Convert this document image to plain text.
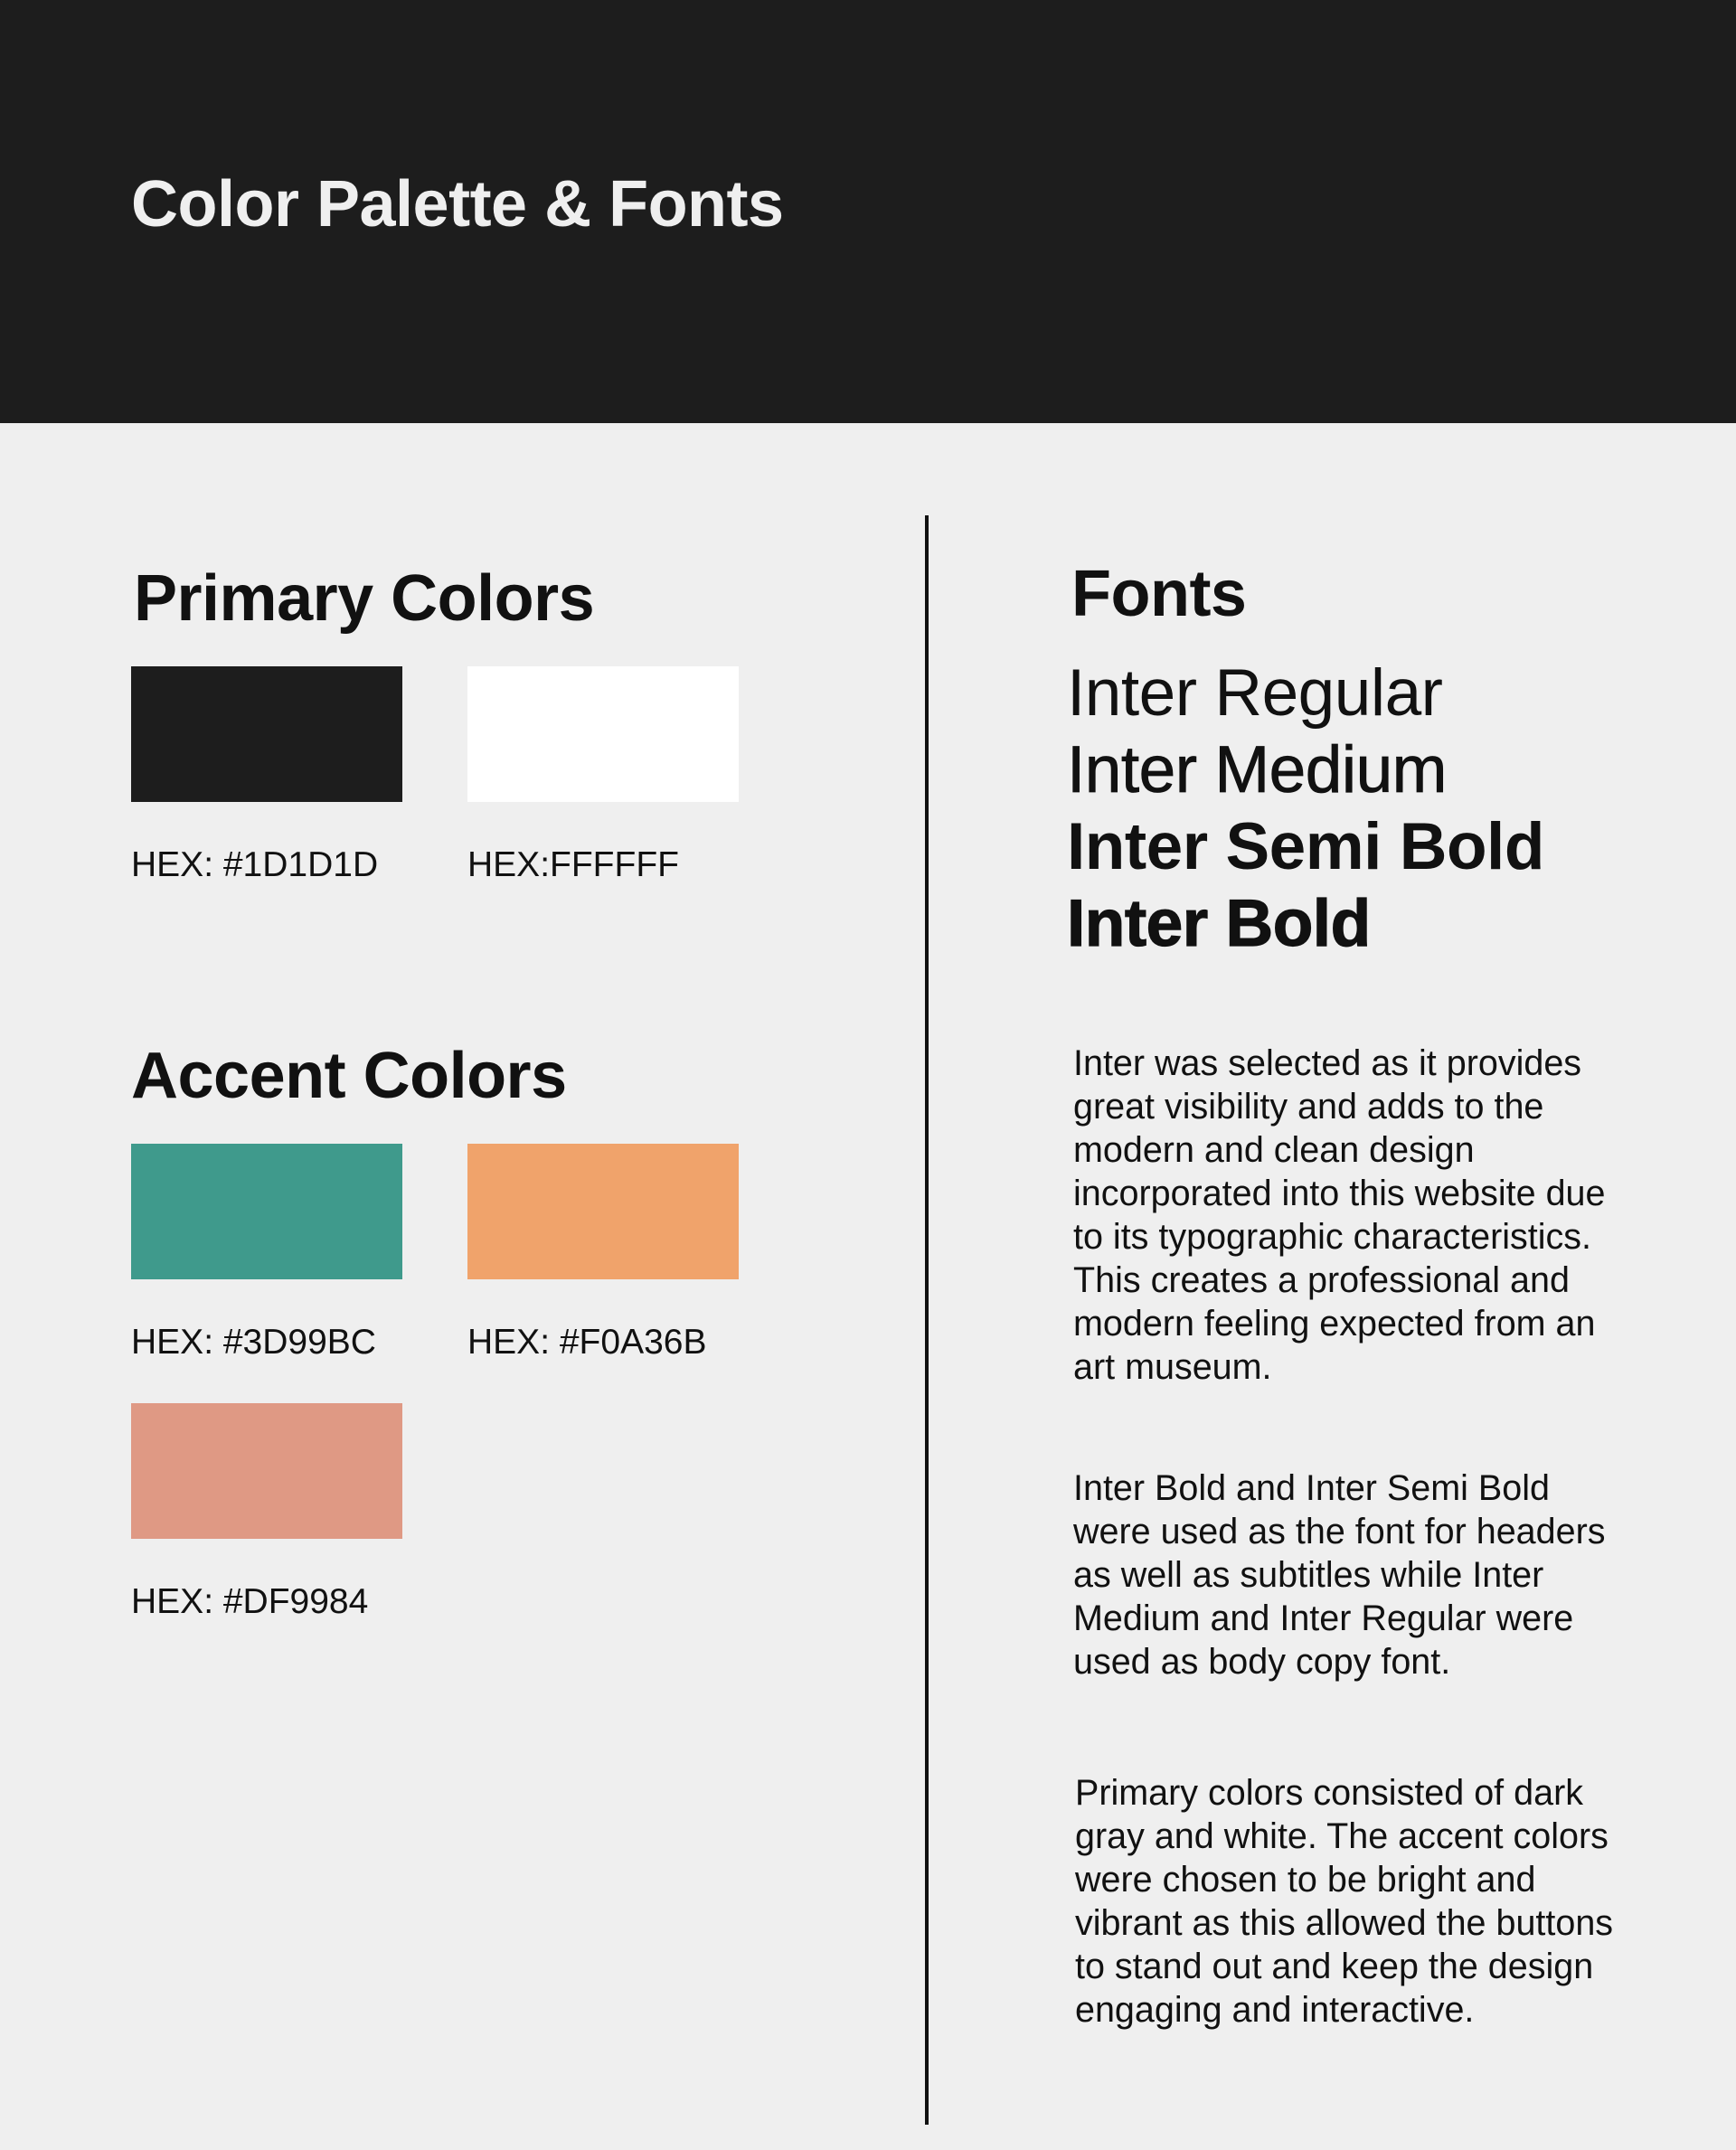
Color Palette & Fonts
Primary Colors
HEX: #1D1D1D	HEX:FFFFFF
Accent Colors
HEX: #3D99BC	HEX: #F0A36B
HEX: #DF9984
Fonts
Inter Regular
Inter Medium
Inter Semi Bold
Inter Bold

Inter was selected as it provides great visibility and adds to the modern and clean design incorporated into this website due to its typographic characteristics. This creates a professional and modern feeling expected from an art museum.

Inter Bold and Inter Semi Bold were used as the font for headers as well as subtitles while Inter Medium and Inter Regular were used as body copy font.

Primary colors consisted of dark gray and white. The accent colors were chosen to be bright and vibrant as this allowed the buttons to stand out and keep the design engaging and interactive.
